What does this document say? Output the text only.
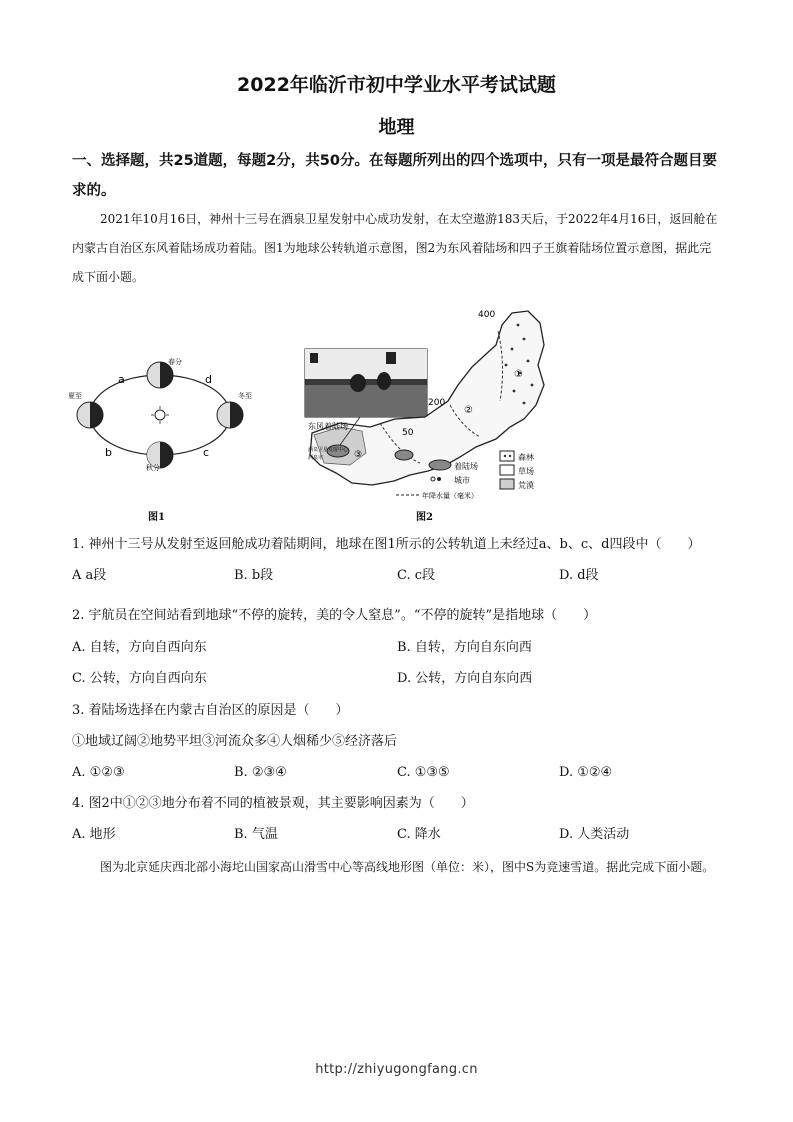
2022年临沂市初中学业水平考试试题
地理
一、选择题，共25道题，每题2分，共50分。在每题所列出的四个选项中，只有一项是最符合题目要求的。
2021年10月16日，神州十三号在酒泉卫星发射中心成功发射，在太空遨游183天后，于2022年4月16日，返回舱在内蒙古自治区东风着陆场成功着陆。图1为地球公转轨道示意图，图2为东风着陆场和四子王旗着陆场位置示意图，据此完成下面小题。
春分
夏至	冬至
秋分
a	d
b	c
图1
400
200
50
东风着陆场
①
②
③
酒泉卫星发射中心
酒泉市
着陆场
城市
年降水量（毫米）
森林
草场
荒漠
图2
1. 神州十三号从发射至返回舱成功着陆期间，地球在图1所示的公转轨道上未经过a、b、c、d四段中（　　）
A a段	B. b段	C. c段	D. d段
2. 宇航员在空间站看到地球“不停的旋转，美的令人窒息”。“不停的旋转”是指地球（　　）
A. 自转，方向自西向东	B. 自转，方向自东向西
C. 公转，方向自西向东	D. 公转，方向自东向西
3. 着陆场选择在内蒙古自治区的原因是（　　）
①地域辽阔②地势平坦③河流众多④人烟稀少⑤经济落后
A. ①②③	B. ②③④	C. ①③⑤	D. ①②④
4. 图2中①②③地分布着不同的植被景观，其主要影响因素为（　　）
A. 地形	B. 气温	C. 降水	D. 人类活动
图为北京延庆西北部小海坨山国家高山滑雪中心等高线地形图（单位：米），图中S为竞速雪道。据此完成下面小题。
http://zhiyugongfang.cn
